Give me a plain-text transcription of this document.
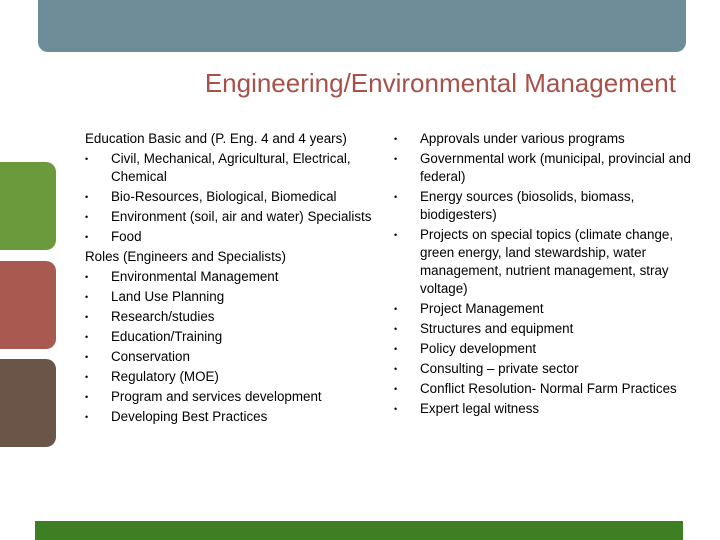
Engineering/Environmental Management
Education Basic and (P. Eng. 4 and 4 years)
• Civil, Mechanical, Agricultural, Electrical, Chemical
• Bio-Resources, Biological, Biomedical
• Environment (soil, air and water) Specialists
• Food
Roles (Engineers and Specialists)
• Environmental Management
• Land Use Planning
• Research/studies
• Education/Training
• Conservation
• Regulatory (MOE)
• Program and services development
• Developing Best Practices
• Approvals under various programs
• Governmental work (municipal, provincial and federal)
• Energy sources (biosolids, biomass, biodigesters)
• Projects on special topics (climate change, green energy, land stewardship, water management, nutrient management, stray voltage)
• Project Management
• Structures and equipment
• Policy development
• Consulting – private sector
• Conflict Resolution- Normal Farm Practices
• Expert legal witness
